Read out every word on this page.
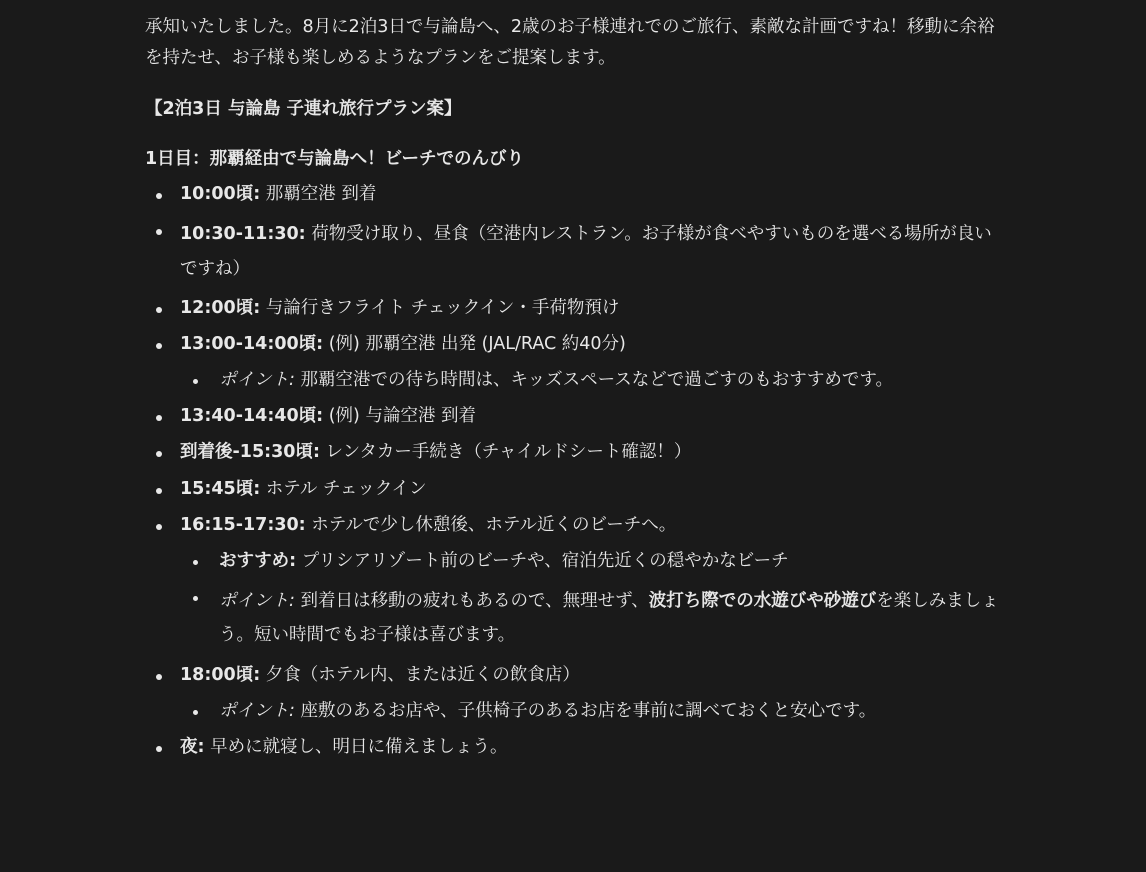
承知いたしました。8月に2泊3日で与論島へ、2歳のお子様連れでのご旅行、素敵な計画ですね！移動に余裕を持たせ、お子様も楽しめるようなプランをご提案します。

【2泊3日 与論島 子連れ旅行プラン案】

1日目：那覇経由で与論島へ！ビーチでのんびり

10:00頃: 那覇空港 到着
10:30-11:30: 荷物受け取り、昼食（空港内レストラン。お子様が食べやすいものを選べる場所が良いですね）
12:00頃: 与論行きフライト チェックイン・手荷物預け
13:00-14:00頃: (例) 那覇空港 出発 (JAL/RAC 約40分)
ポイント: 那覇空港での待ち時間は、キッズスペースなどで過ごすのもおすすめです。
13:40-14:40頃: (例) 与論空港 到着
到着後-15:30頃: レンタカー手続き（チャイルドシート確認！）
15:45頃: ホテル チェックイン
16:15-17:30: ホテルで少し休憩後、ホテル近くのビーチへ。
おすすめ: プリシアリゾート前のビーチや、宿泊先近くの穏やかなビーチ
ポイント: 到着日は移動の疲れもあるので、無理せず、波打ち際での水遊びや砂遊びを楽しみましょう。短い時間でもお子様は喜びます。
18:00頃: 夕食（ホテル内、または近くの飲食店）
ポイント: 座敷のあるお店や、子供椅子のあるお店を事前に調べておくと安心です。
夜: 早めに就寝し、明日に備えましょう。
